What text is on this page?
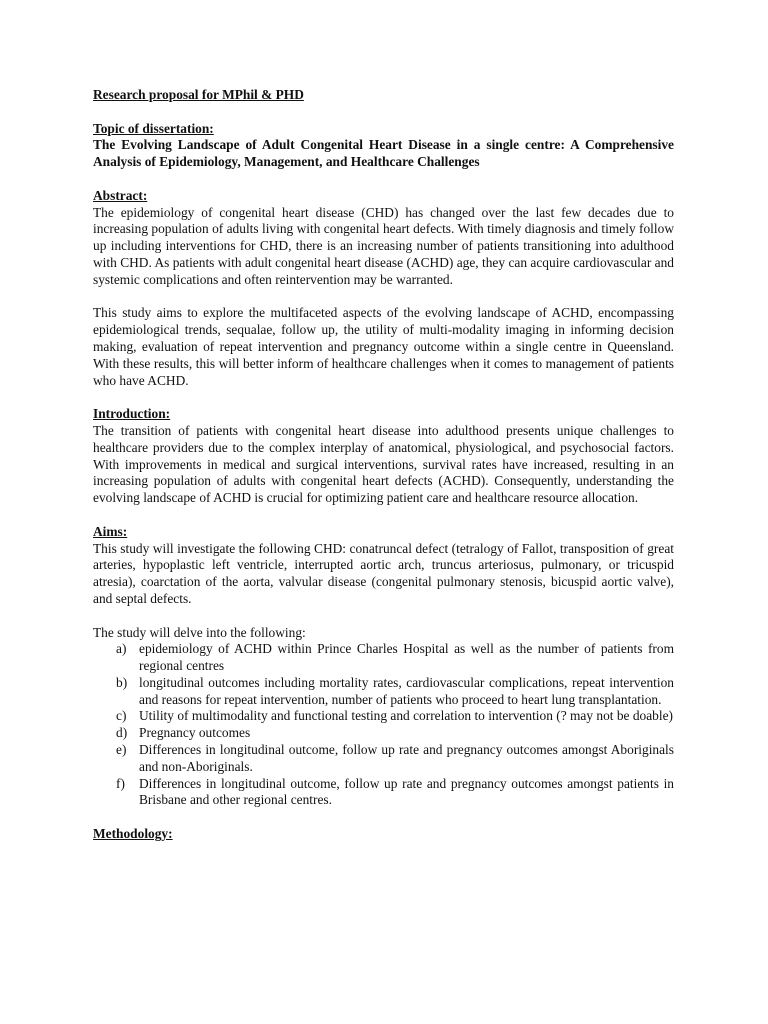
Research proposal for MPhil & PHD

Topic of dissertation:

The Evolving Landscape of Adult Congenital Heart Disease in a single centre: A Comprehensive Analysis of Epidemiology, Management, and Healthcare Challenges

Abstract:

The epidemiology of congenital heart disease (CHD) has changed over the last few decades due to increasing population of adults living with congenital heart defects. With timely diagnosis and timely follow up including interventions for CHD, there is an increasing number of patients transitioning into adulthood with CHD. As patients with adult congenital heart disease (ACHD) age, they can acquire cardiovascular and systemic complications and often reintervention may be warranted.

This study aims to explore the multifaceted aspects of the evolving landscape of ACHD, encompassing epidemiological trends, sequalae, follow up, the utility of multi-modality imaging in informing decision making, evaluation of repeat intervention and pregnancy outcome within a single centre in Queensland. With these results, this will better inform of healthcare challenges when it comes to management of patients who have ACHD.

Introduction:

The transition of patients with congenital heart disease into adulthood presents unique challenges to healthcare providers due to the complex interplay of anatomical, physiological, and psychosocial factors. With improvements in medical and surgical interventions, survival rates have increased, resulting in an increasing population of adults with congenital heart defects (ACHD). Consequently, understanding the evolving landscape of ACHD is crucial for optimizing patient care and healthcare resource allocation.

Aims:

This study will investigate the following CHD: conatruncal defect (tetralogy of Fallot, transposition of great arteries, hypoplastic left ventricle, interrupted aortic arch, truncus arteriosus, pulmonary, or tricuspid atresia), coarctation of the aorta, valvular disease (congenital pulmonary stenosis, bicuspid aortic valve), and septal defects.

The study will delve into the following:

a) epidemiology of ACHD within Prince Charles Hospital as well as the number of patients from regional centres
b) longitudinal outcomes including mortality rates, cardiovascular complications, repeat intervention and reasons for repeat intervention, number of patients who proceed to heart lung transplantation.
c) Utility of multimodality and functional testing and correlation to intervention (? may not be doable)
d) Pregnancy outcomes
e) Differences in longitudinal outcome, follow up rate and pregnancy outcomes amongst Aboriginals and non-Aboriginals.
f) Differences in longitudinal outcome, follow up rate and pregnancy outcomes amongst patients in Brisbane and other regional centres.

Methodology:
